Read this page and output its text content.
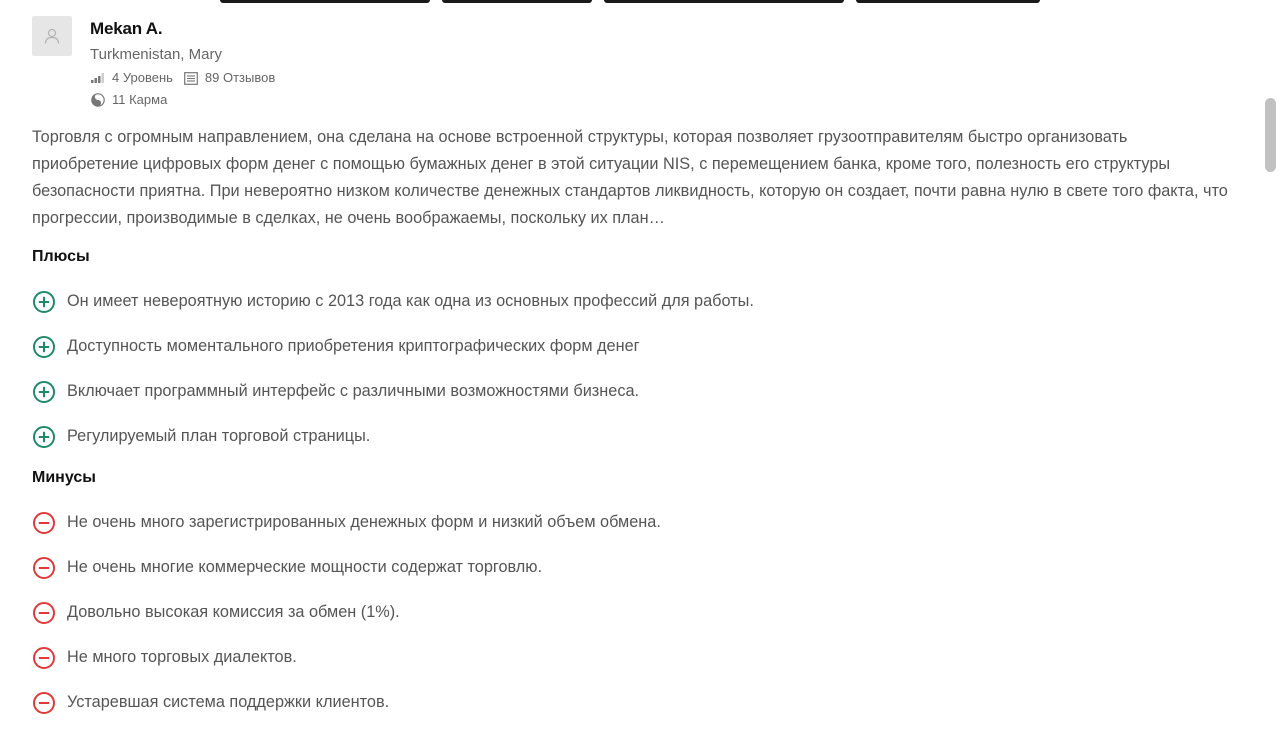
Mekan A.
Turkmenistan, Mary
4 Уровень 89 Отзывов
11 Карма
Торговля с огромным направлением, она сделана на основе встроенной структуры, которая позволяет грузоотправителям быстро организовать приобретение цифровых форм денег с помощью бумажных денег в этой ситуации NIS, с перемещением банка, кроме того, полезность его структуры безопасности приятна. При невероятно низком количестве денежных стандартов ликвидность, которую он создает, почти равна нулю в свете того факта, что прогрессии, производимые в сделках, не очень воображаемы, поскольку их план…
Плюсы
Он имеет невероятную историю с 2013 года как одна из основных профессий для работы.
Доступность моментального приобретения криптографических форм денег
Включает программный интерфейс с различными возможностями бизнеса.
Регулируемый план торговой страницы.
Минусы
Не очень много зарегистрированных денежных форм и низкий объем обмена.
Не очень многие коммерческие мощности содержат торговлю.
Довольно высокая комиссия за обмен (1%).
Не много торговых диалектов.
Устаревшая система поддержки клиентов.
